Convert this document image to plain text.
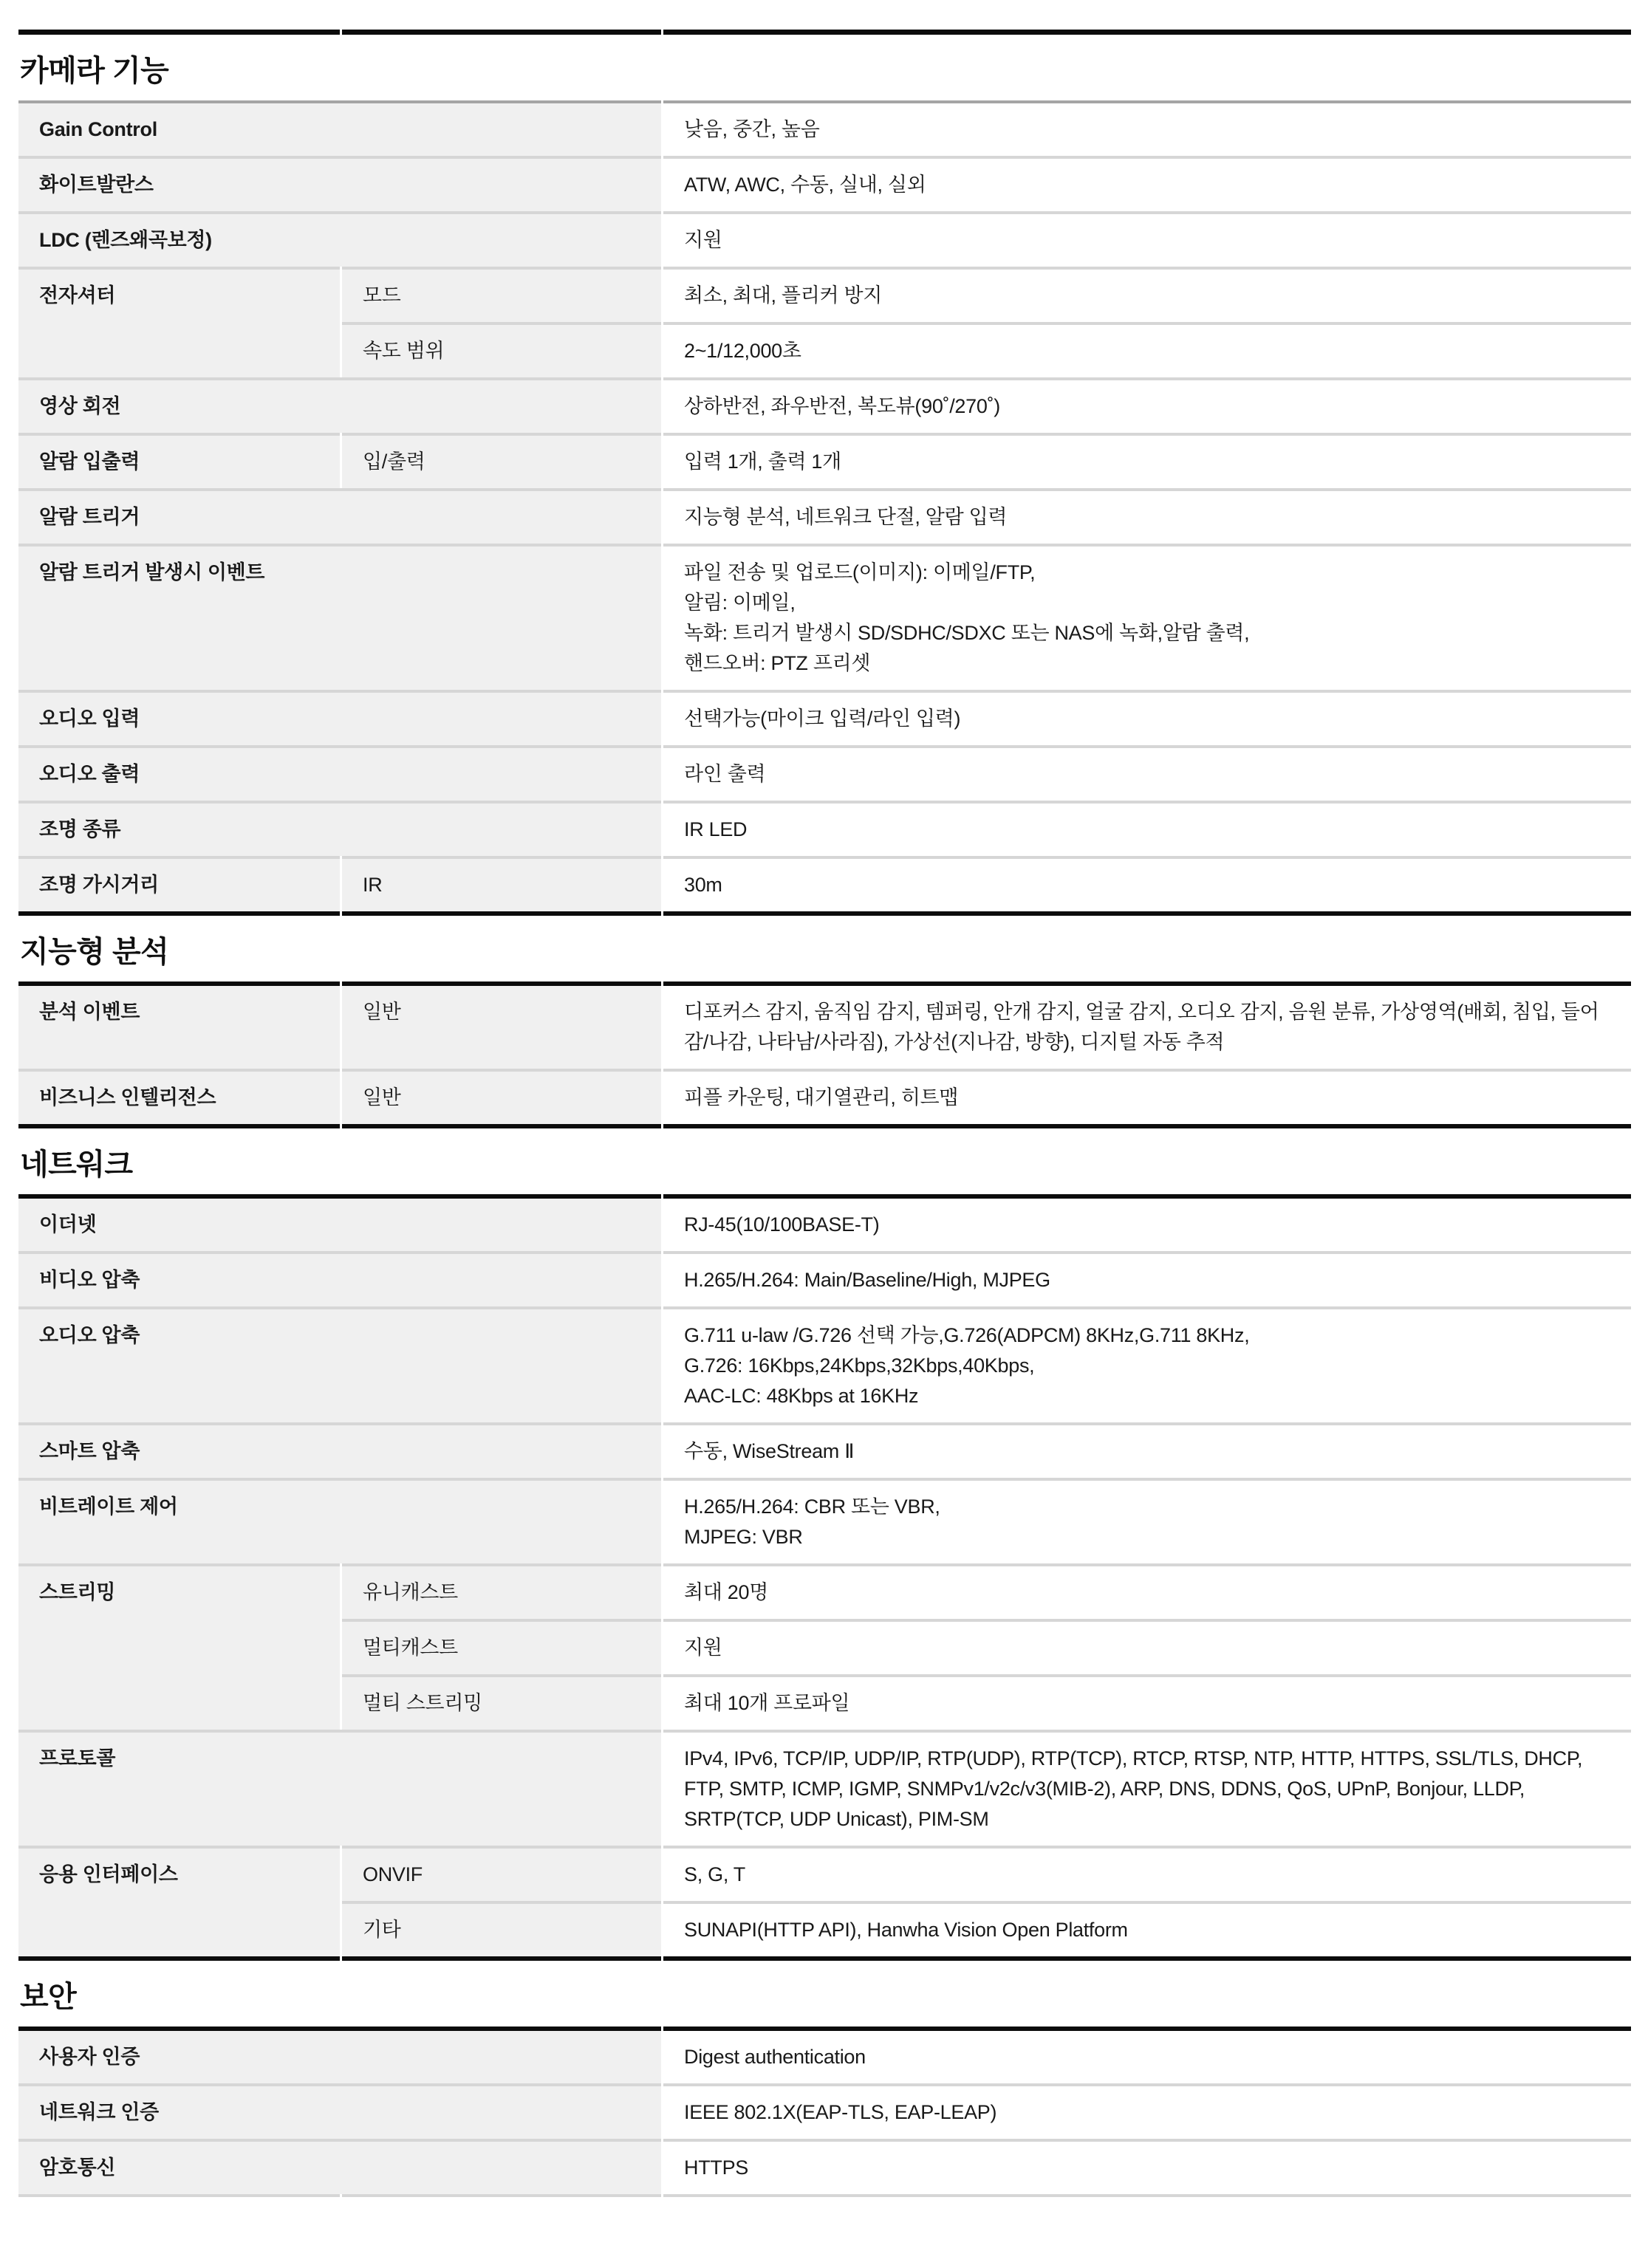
카메라 기능
Gain Control	낮음, 중간, 높음
화이트발란스	ATW, AWC, 수동, 실내, 실외
LDC (렌즈왜곡보정)	지원
전자셔터	모드	최소, 최대, 플리커 방지
속도 범위	2~1/12,000초
영상 회전	상하반전, 좌우반전, 복도뷰(90˚/270˚)
알람 입출력	입/출력	입력 1개, 출력 1개
알람 트리거	지능형 분석, 네트워크 단절, 알람 입력
알람 트리거 발생시 이벤트	파일 전송 및 업로드(이미지): 이메일/FTP,
알림: 이메일,
녹화: 트리거 발생시 SD/SDHC/SDXC 또는 NAS에 녹화,알람 출력,
핸드오버: PTZ 프리셋
오디오 입력	선택가능(마이크 입력/라인 입력)
오디오 출력	라인 출력
조명 종류	IR LED
조명 가시거리	IR	30m
지능형 분석
분석 이벤트	일반	디포커스 감지, 움직임 감지, 템퍼링, 안개 감지, 얼굴 감지, 오디오 감지, 음원 분류, 가상영역(배회, 침입, 들어감/나감, 나타남/사라짐), 가상선(지나감, 방향), 디지털 자동 추적
비즈니스 인텔리전스	일반	피플 카운팅, 대기열관리, 히트맵
네트워크
이더넷	RJ-45(10/100BASE-T)
비디오 압축	H.265/H.264: Main/Baseline/High, MJPEG
오디오 압축	G.711 u-law /G.726 선택 가능,G.726(ADPCM) 8KHz,G.711 8KHz,
G.726: 16Kbps,24Kbps,32Kbps,40Kbps,
AAC-LC: 48Kbps at 16KHz
스마트 압축	수동, WiseStream Ⅱ
비트레이트 제어	H.265/H.264: CBR 또는 VBR,
MJPEG: VBR
스트리밍	유니캐스트	최대 20명
멀티캐스트	지원
멀티 스트리밍	최대 10개 프로파일
프로토콜	IPv4, IPv6, TCP/IP, UDP/IP, RTP(UDP), RTP(TCP), RTCP, RTSP, NTP, HTTP, HTTPS, SSL/TLS, DHCP, FTP, SMTP, ICMP, IGMP, SNMPv1/v2c/v3(MIB-2), ARP, DNS, DDNS, QoS, UPnP, Bonjour, LLDP, SRTP(TCP, UDP Unicast), PIM-SM
응용 인터페이스	ONVIF	S, G, T
기타	SUNAPI(HTTP API), Hanwha Vision Open Platform
보안
사용자 인증	Digest authentication
네트워크 인증	IEEE 802.1X(EAP-TLS, EAP-LEAP)
암호통신	HTTPS
